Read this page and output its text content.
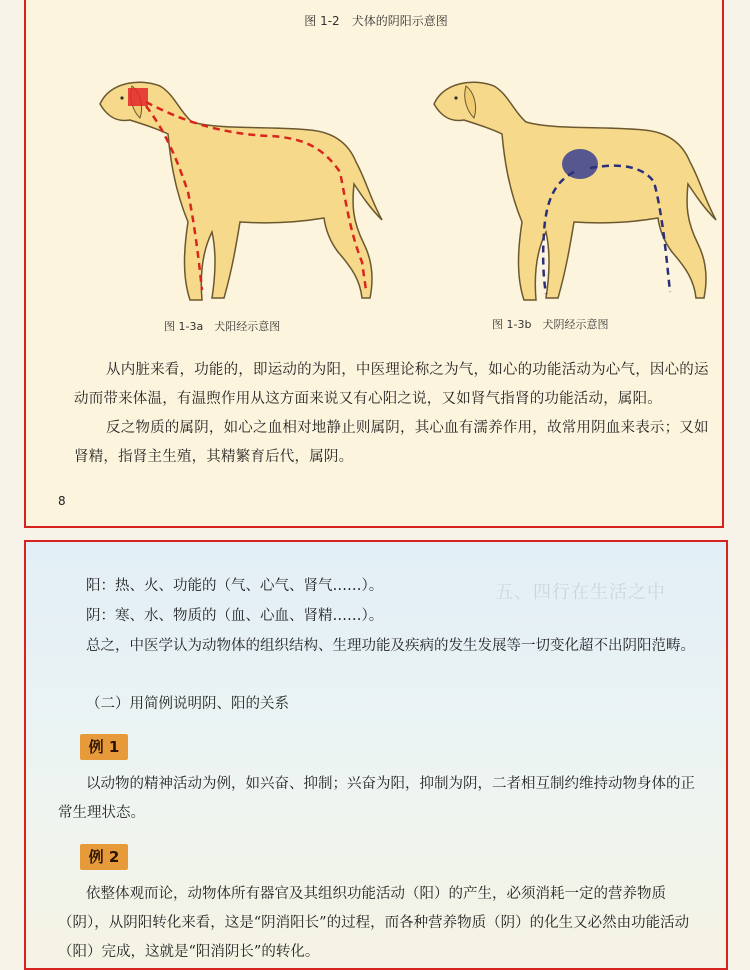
图 1-2　犬体的阴阳示意图
图 1-3a　犬阳经示意图	图 1-3b　犬阴经示意图
从内脏来看，功能的，即运动的为阳，中医理论称之为气，如心的功能活动为心气，因心的运动而带来体温，有温煦作用从这方面来说又有心阳之说，又如肾气指肾的功能活动，属阳。
反之物质的属阴，如心之血相对地静止则属阴，其心血有濡养作用，故常用阴血来表示；又如肾精，指肾主生殖，其精繁育后代，属阴。
8
五、四行在生活之中
阳：热、火、功能的（气、心气、肾气……）。
阴：寒、水、物质的（血、心血、肾精……）。
总之，中医学认为动物体的组织结构、生理功能及疾病的发生发展等一切变化超不出阴阳范畴。
（二）用简例说明阴、阳的关系
例 1
以动物的精神活动为例，如兴奋、抑制；兴奋为阳，抑制为阴，二者相互制约维持动物身体的正常生理状态。
例 2
依整体观而论，动物体所有器官及其组织功能活动（阳）的产生，必须消耗一定的营养物质（阴），从阴阳转化来看，这是“阴消阳长”的过程，而各种营养物质（阴）的化生又必然由功能活动（阳）完成，这就是“阳消阴长”的转化。
